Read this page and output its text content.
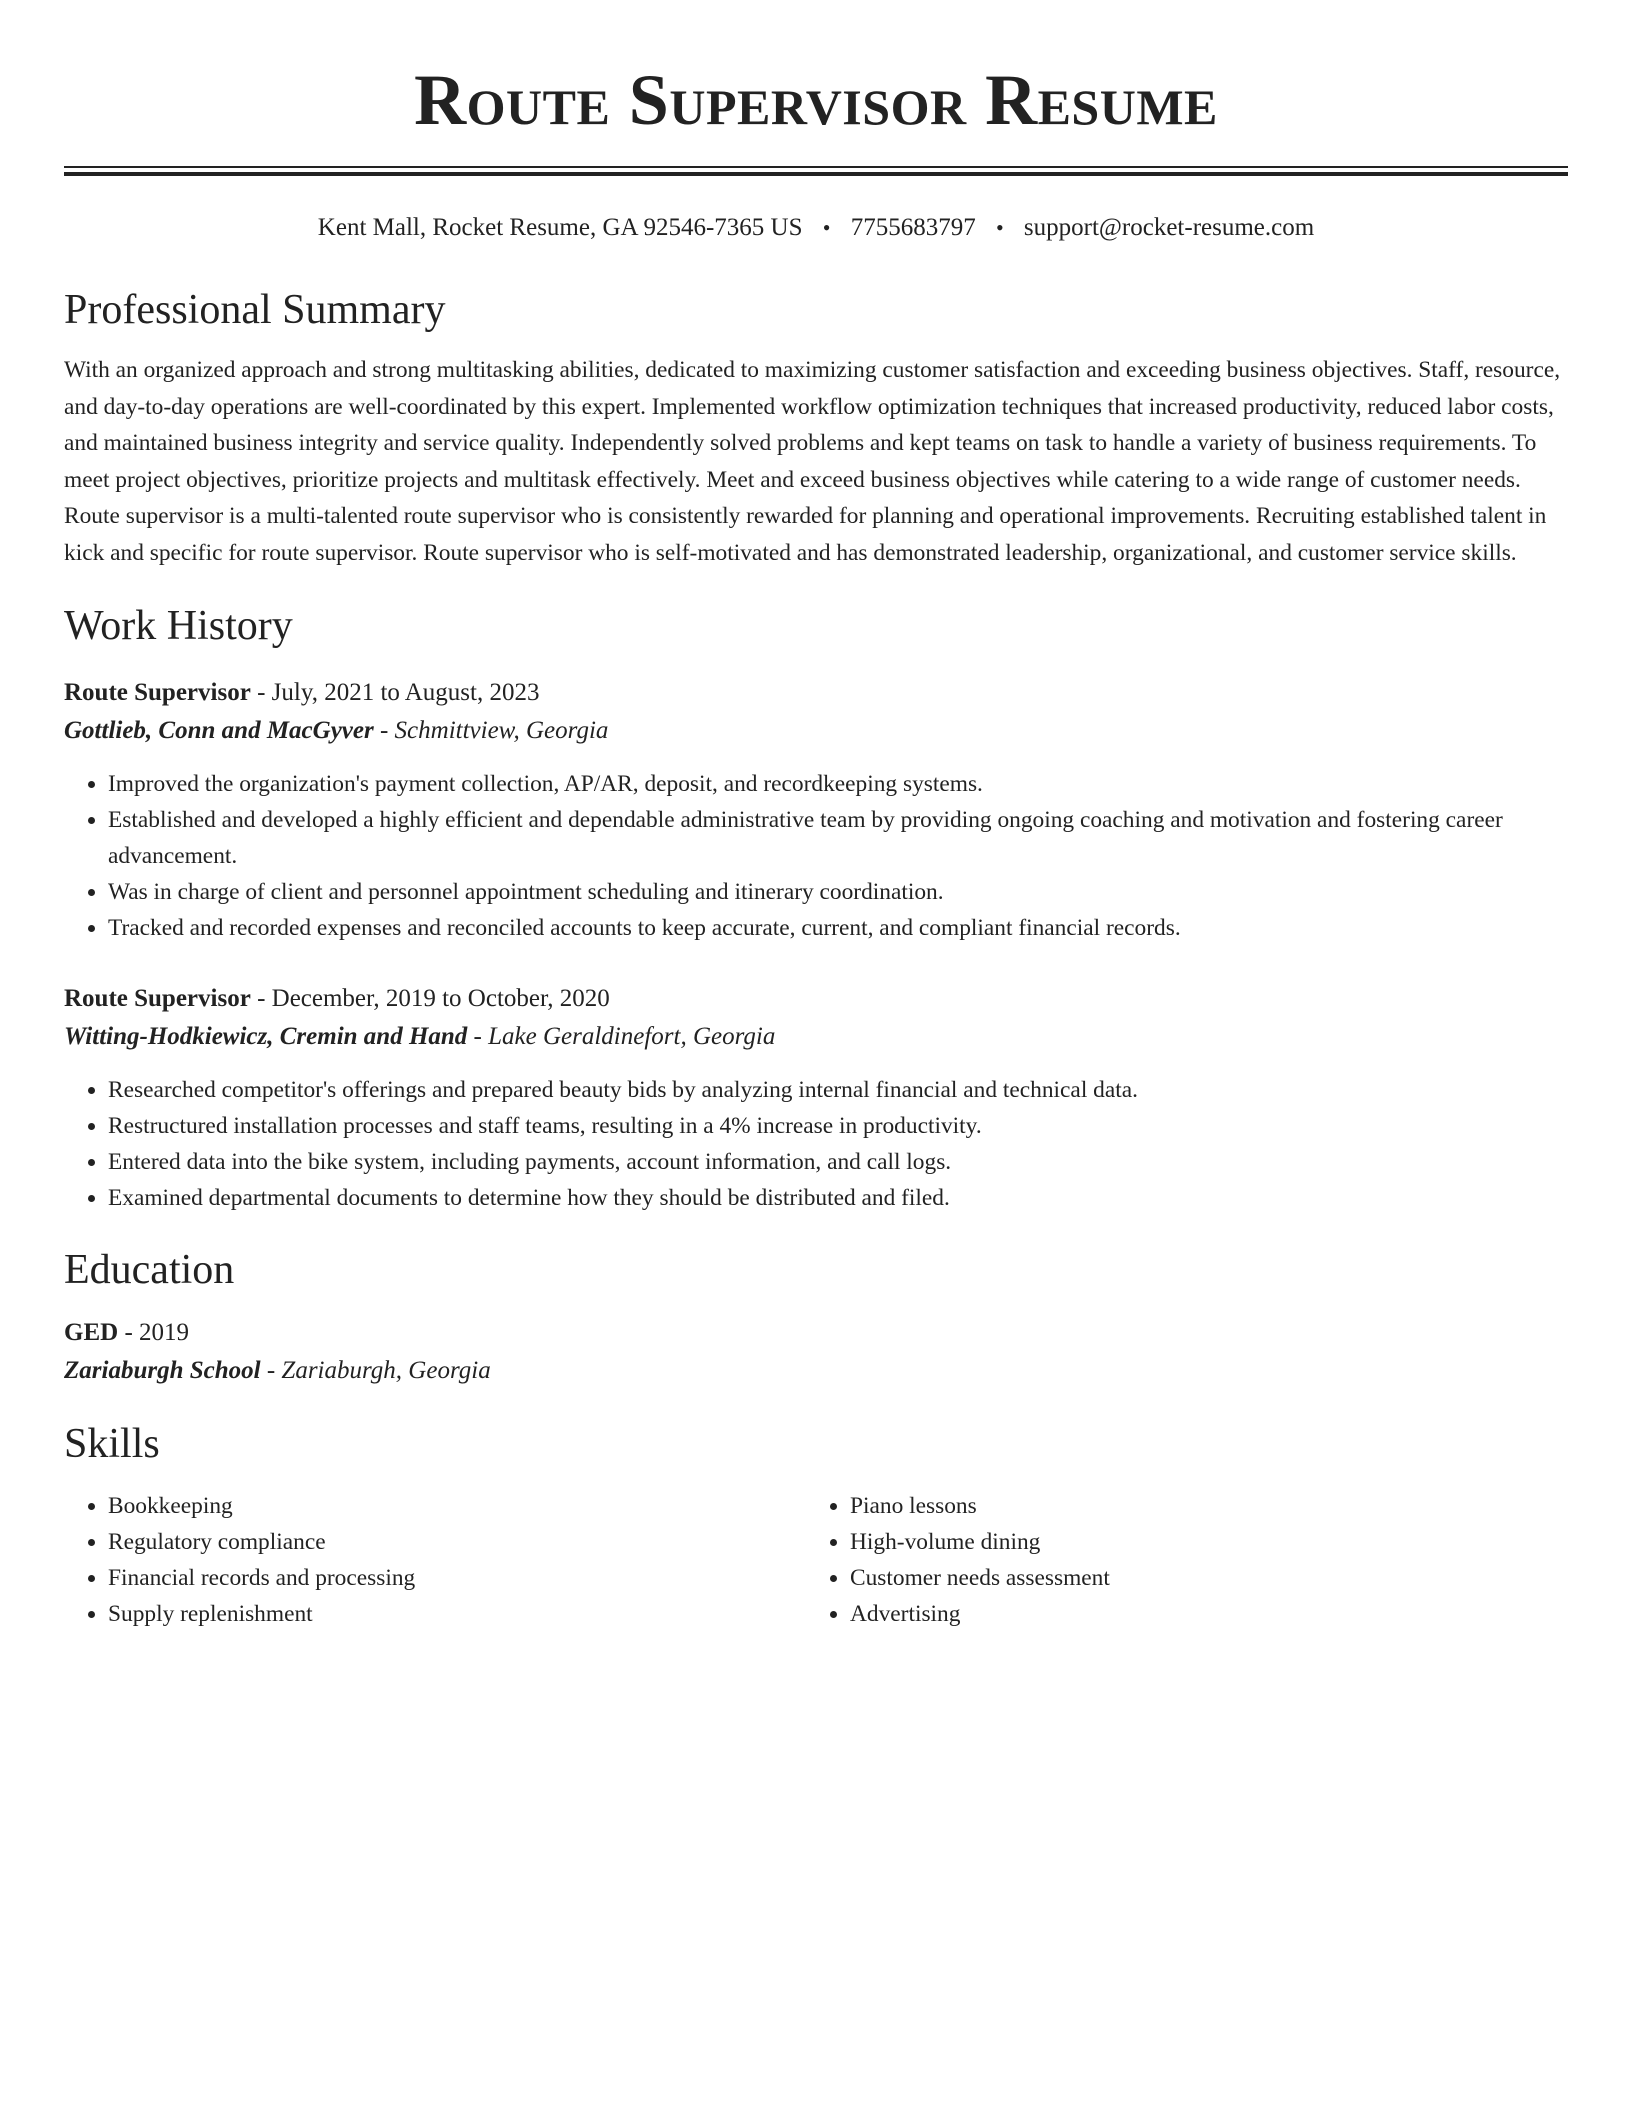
Route Supervisor Resume
Kent Mall, Rocket Resume, GA 92546-7365 US • 7755683797 • support@rocket-resume.com
Professional Summary
With an organized approach and strong multitasking abilities, dedicated to maximizing customer satisfaction and exceeding business objectives. Staff, resource, and day-to-day operations are well-coordinated by this expert. Implemented workflow optimization techniques that increased productivity, reduced labor costs, and maintained business integrity and service quality. Independently solved problems and kept teams on task to handle a variety of business requirements. To meet project objectives, prioritize projects and multitask effectively. Meet and exceed business objectives while catering to a wide range of customer needs. Route supervisor is a multi-talented route supervisor who is consistently rewarded for planning and operational improvements. Recruiting established talent in kick and specific for route supervisor. Route supervisor who is self-motivated and has demonstrated leadership, organizational, and customer service skills.
Work History
Route Supervisor - July, 2021 to August, 2023
Gottlieb, Conn and MacGyver - Schmittview, Georgia
• Improved the organization's payment collection, AP/AR, deposit, and recordkeeping systems.
• Established and developed a highly efficient and dependable administrative team by providing ongoing coaching and motivation and fostering career advancement.
• Was in charge of client and personnel appointment scheduling and itinerary coordination.
• Tracked and recorded expenses and reconciled accounts to keep accurate, current, and compliant financial records.
Route Supervisor - December, 2019 to October, 2020
Witting-Hodkiewicz, Cremin and Hand - Lake Geraldinefort, Georgia
• Researched competitor's offerings and prepared beauty bids by analyzing internal financial and technical data.
• Restructured installation processes and staff teams, resulting in a 4% increase in productivity.
• Entered data into the bike system, including payments, account information, and call logs.
• Examined departmental documents to determine how they should be distributed and filed.
Education
GED - 2019
Zariaburgh School - Zariaburgh, Georgia
Skills
• Bookkeeping
• Regulatory compliance
• Financial records and processing
• Supply replenishment
• Piano lessons
• High-volume dining
• Customer needs assessment
• Advertising
